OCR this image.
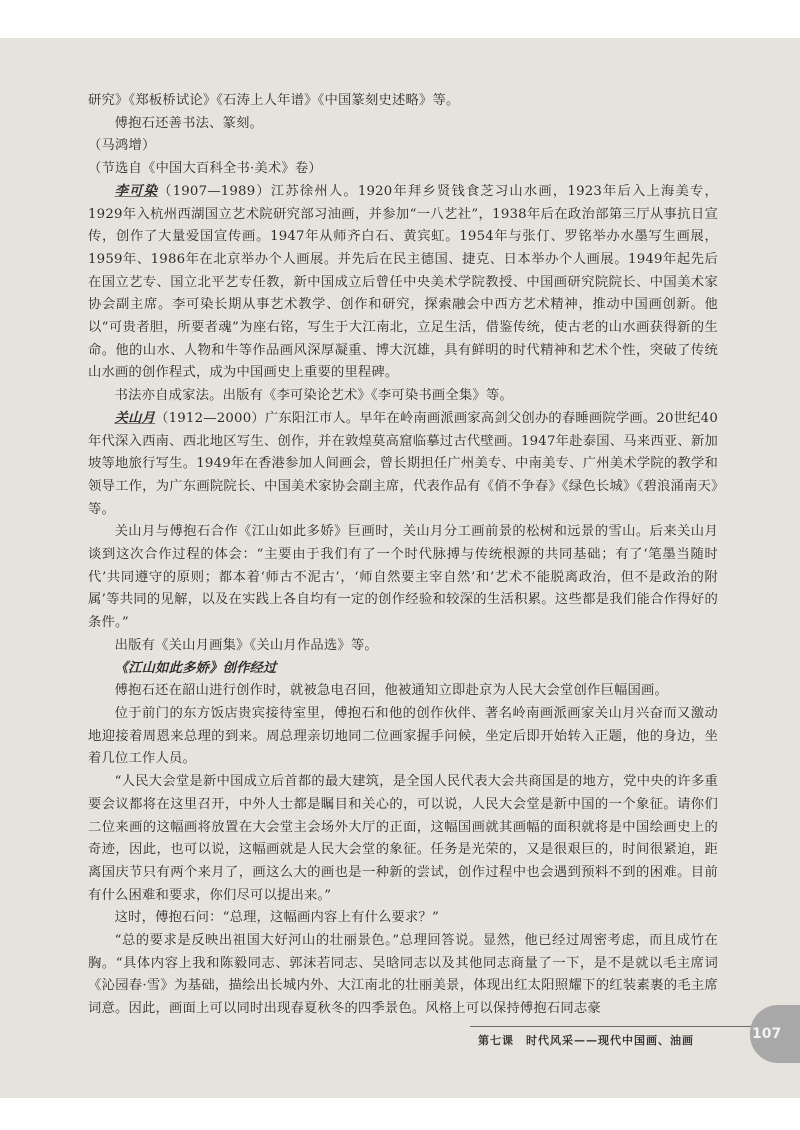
研究》《郑板桥试论》《石涛上人年谱》《中国篆刻史述略》等。

傅抱石还善书法、篆刻。

（马鸿增）

（节选自《中国大百科全书·美术》卷）

李可染（1907—1989）江苏徐州人。1920年拜乡贤钱食芝习山水画，1923年后入上海美专，1929年入杭州西湖国立艺术院研究部习油画，并参加“一八艺社”，1938年后在政治部第三厅从事抗日宣传，创作了大量爱国宣传画。1947年从师齐白石、黄宾虹。1954年与张仃、罗铭举办水墨写生画展，1959年、1986年在北京举办个人画展。并先后在民主德国、捷克、日本举办个人画展。1949年起先后在国立艺专、国立北平艺专任教，新中国成立后曾任中央美术学院教授、中国画研究院院长、中国美术家协会副主席。李可染长期从事艺术教学、创作和研究，探索融会中西方艺术精神，推动中国画创新。他以“可贵者胆，所要者魂”为座右铭，写生于大江南北，立足生活，借鉴传统，使古老的山水画获得新的生命。他的山水、人物和牛等作品画风深厚凝重、博大沉雄，具有鲜明的时代精神和艺术个性，突破了传统山水画的创作程式，成为中国画史上重要的里程碑。

书法亦自成家法。出版有《李可染论艺术》《李可染书画全集》等。

关山月（1912—2000）广东阳江市人。早年在岭南画派画家高剑父创办的春睡画院学画。20世纪40年代深入西南、西北地区写生、创作，并在敦煌莫高窟临摹过古代壁画。1947年赴泰国、马来西亚、新加坡等地旅行写生。1949年在香港参加人间画会，曾长期担任广州美专、中南美专、广州美术学院的教学和领导工作，为广东画院院长、中国美术家协会副主席，代表作品有《俏不争春》《绿色长城》《碧浪涌南天》等。

关山月与傅抱石合作《江山如此多娇》巨画时，关山月分工画前景的松树和远景的雪山。后来关山月谈到这次合作过程的体会：“主要由于我们有了一个时代脉搏与传统根源的共同基础；有了‘笔墨当随时代’共同遵守的原则；都本着‘师古不泥古’，‘师自然要主宰自然’和‘艺术不能脱离政治，但不是政治的附属’等共同的见解，以及在实践上各自均有一定的创作经验和较深的生活积累。这些都是我们能合作得好的条件。”

出版有《关山月画集》《关山月作品选》等。

《江山如此多娇》创作经过

傅抱石还在韶山进行创作时，就被急电召回，他被通知立即赴京为人民大会堂创作巨幅国画。

位于前门的东方饭店贵宾接待室里，傅抱石和他的创作伙伴、著名岭南画派画家关山月兴奋而又激动地迎接着周恩来总理的到来。周总理亲切地同二位画家握手问候，坐定后即开始转入正题，他的身边，坐着几位工作人员。

“人民大会堂是新中国成立后首都的最大建筑，是全国人民代表大会共商国是的地方，党中央的许多重要会议都将在这里召开，中外人士都是瞩目和关心的，可以说，人民大会堂是新中国的一个象征。请你们二位来画的这幅画将放置在大会堂主会场外大厅的正面，这幅国画就其画幅的面积就将是中国绘画史上的奇迹，因此，也可以说，这幅画就是人民大会堂的象征。任务是光荣的，又是很艰巨的，时间很紧迫，距离国庆节只有两个来月了，画这么大的画也是一种新的尝试，创作过程中也会遇到预料不到的困难。目前有什么困难和要求，你们尽可以提出来。”

这时，傅抱石问：“总理，这幅画内容上有什么要求？”

“总的要求是反映出祖国大好河山的壮丽景色。”总理回答说。显然，他已经过周密考虑，而且成竹在胸。“具体内容上我和陈毅同志、郭沫若同志、吴晗同志以及其他同志商量了一下，是不是就以毛主席词《沁园春·雪》为基础，描绘出长城内外、大江南北的壮丽美景，体现出红太阳照耀下的红装素裹的毛主席词意。因此，画面上可以同时出现春夏秋冬的四季景色。风格上可以保持傅抱石同志豪

第七课　时代风采——现代中国画、油画	107
